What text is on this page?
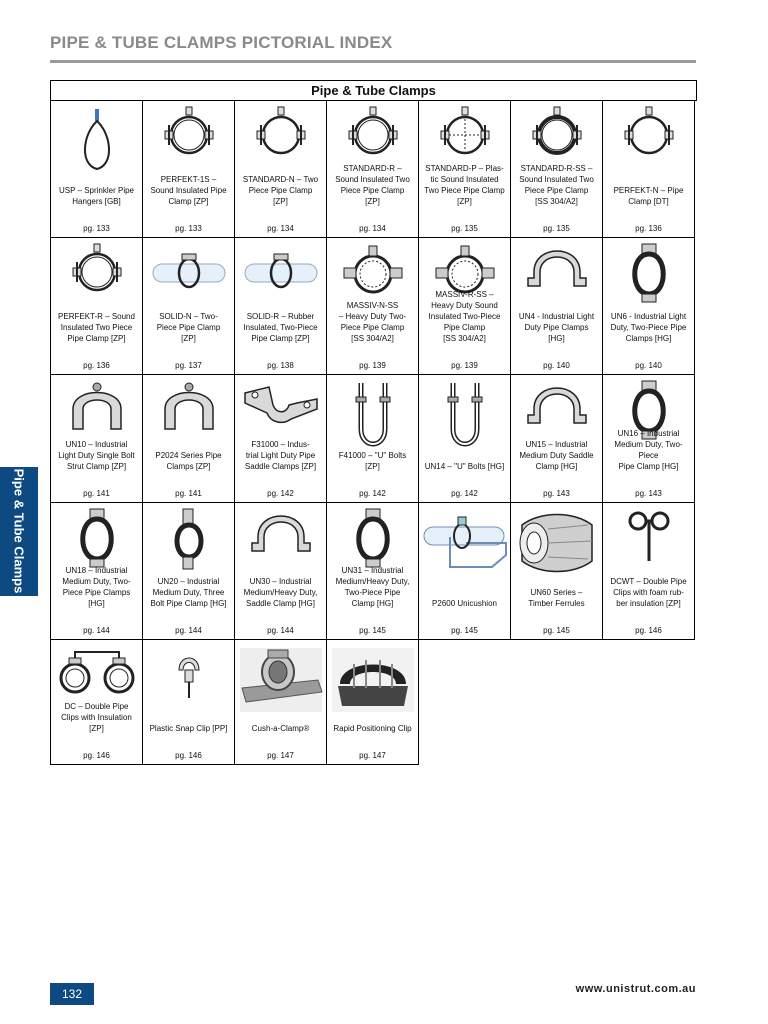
PIPE & TUBE CLAMPS PICTORIAL INDEX
Pipe & Tube Clamps
USP – Sprinkler Pipe
Hangers [GB]
pg. 133
PERFEKT-1S –
Sound Insulated Pipe
Clamp [ZP]
pg. 133
STANDARD-N – Two
Piece Pipe Clamp
[ZP]
pg. 134
STANDARD-R –
Sound Insulated Two
Piece Pipe Clamp
[ZP]
pg. 134
STANDARD-P – Plas-
tic Sound Insulated
Two Piece Pipe Clamp
[ZP]
pg. 135
STANDARD-R-SS –
Sound Insulated Two
Piece Pipe Clamp
[SS 304/A2]
pg. 135
PERFEKT-N – Pipe
Clamp [DT]
pg. 136
PERFEKT-R – Sound
Insulated Two Piece
Pipe Clamp [ZP]
pg. 136
SOLID-N – Two-
Piece Pipe Clamp
[ZP]
pg. 137
SOLID-R – Rubber
Insulated, Two-Piece
Pipe Clamp [ZP]
pg. 138
MASSIV-N-SS
– Heavy Duty Two-
Piece Pipe Clamp
[SS 304/A2]
pg. 139
MASSIV-R-SS –
Heavy Duty Sound
Insulated Two-Piece
Pipe Clamp
[SS 304/A2]
pg. 139
UN4 - Industrial Light
Duty Pipe Clamps
[HG]
pg. 140
UN6 - Industrial Light
Duty, Two-Piece Pipe
Clamps [HG]
pg. 140
UN10 – Industrial
Light Duty Single Bolt
Strut Clamp [ZP]
pg. 141
P2024 Series Pipe
Clamps [ZP]
pg. 141
F31000 – Indus-
trial Light Duty Pipe
Saddle Clamps [ZP]
pg. 142
F41000 – "U" Bolts
[ZP]
pg. 142
UN14 – "U" Bolts [HG]
pg. 142
UN15 – Industrial
Medium Duty Saddle
Clamp [HG]
pg. 143
UN16 – Industrial
Medium Duty, Two-
Piece
Pipe Clamp [HG]
pg. 143
UN18 – Industrial
Medium Duty, Two-
Piece Pipe Clamps
[HG]
pg. 144
UN20 – Industrial
Medium Duty, Three
Bolt Pipe Clamp [HG]
pg. 144
UN30 – Industrial
Medium/Heavy Duty,
Saddle Clamp [HG]
pg. 144
UN31 – Industrial
Medium/Heavy Duty,
Two-Piece Pipe
Clamp [HG]
pg. 145
P2600 Unicushion
pg. 145
UN60 Series –
Timber Ferrules
pg. 145
DCWT – Double Pipe
Clips with foam rub-
ber insulation [ZP]
pg. 146
DC – Double Pipe
Clips with Insulation
[ZP]
pg. 146
Plastic Snap Clip [PP]
pg. 146
Cush-a-Clamp®
pg. 147
Rapid Positioning Clip
pg. 147
Pipe & Tube Clamps
132	www.unistrut.com.au
